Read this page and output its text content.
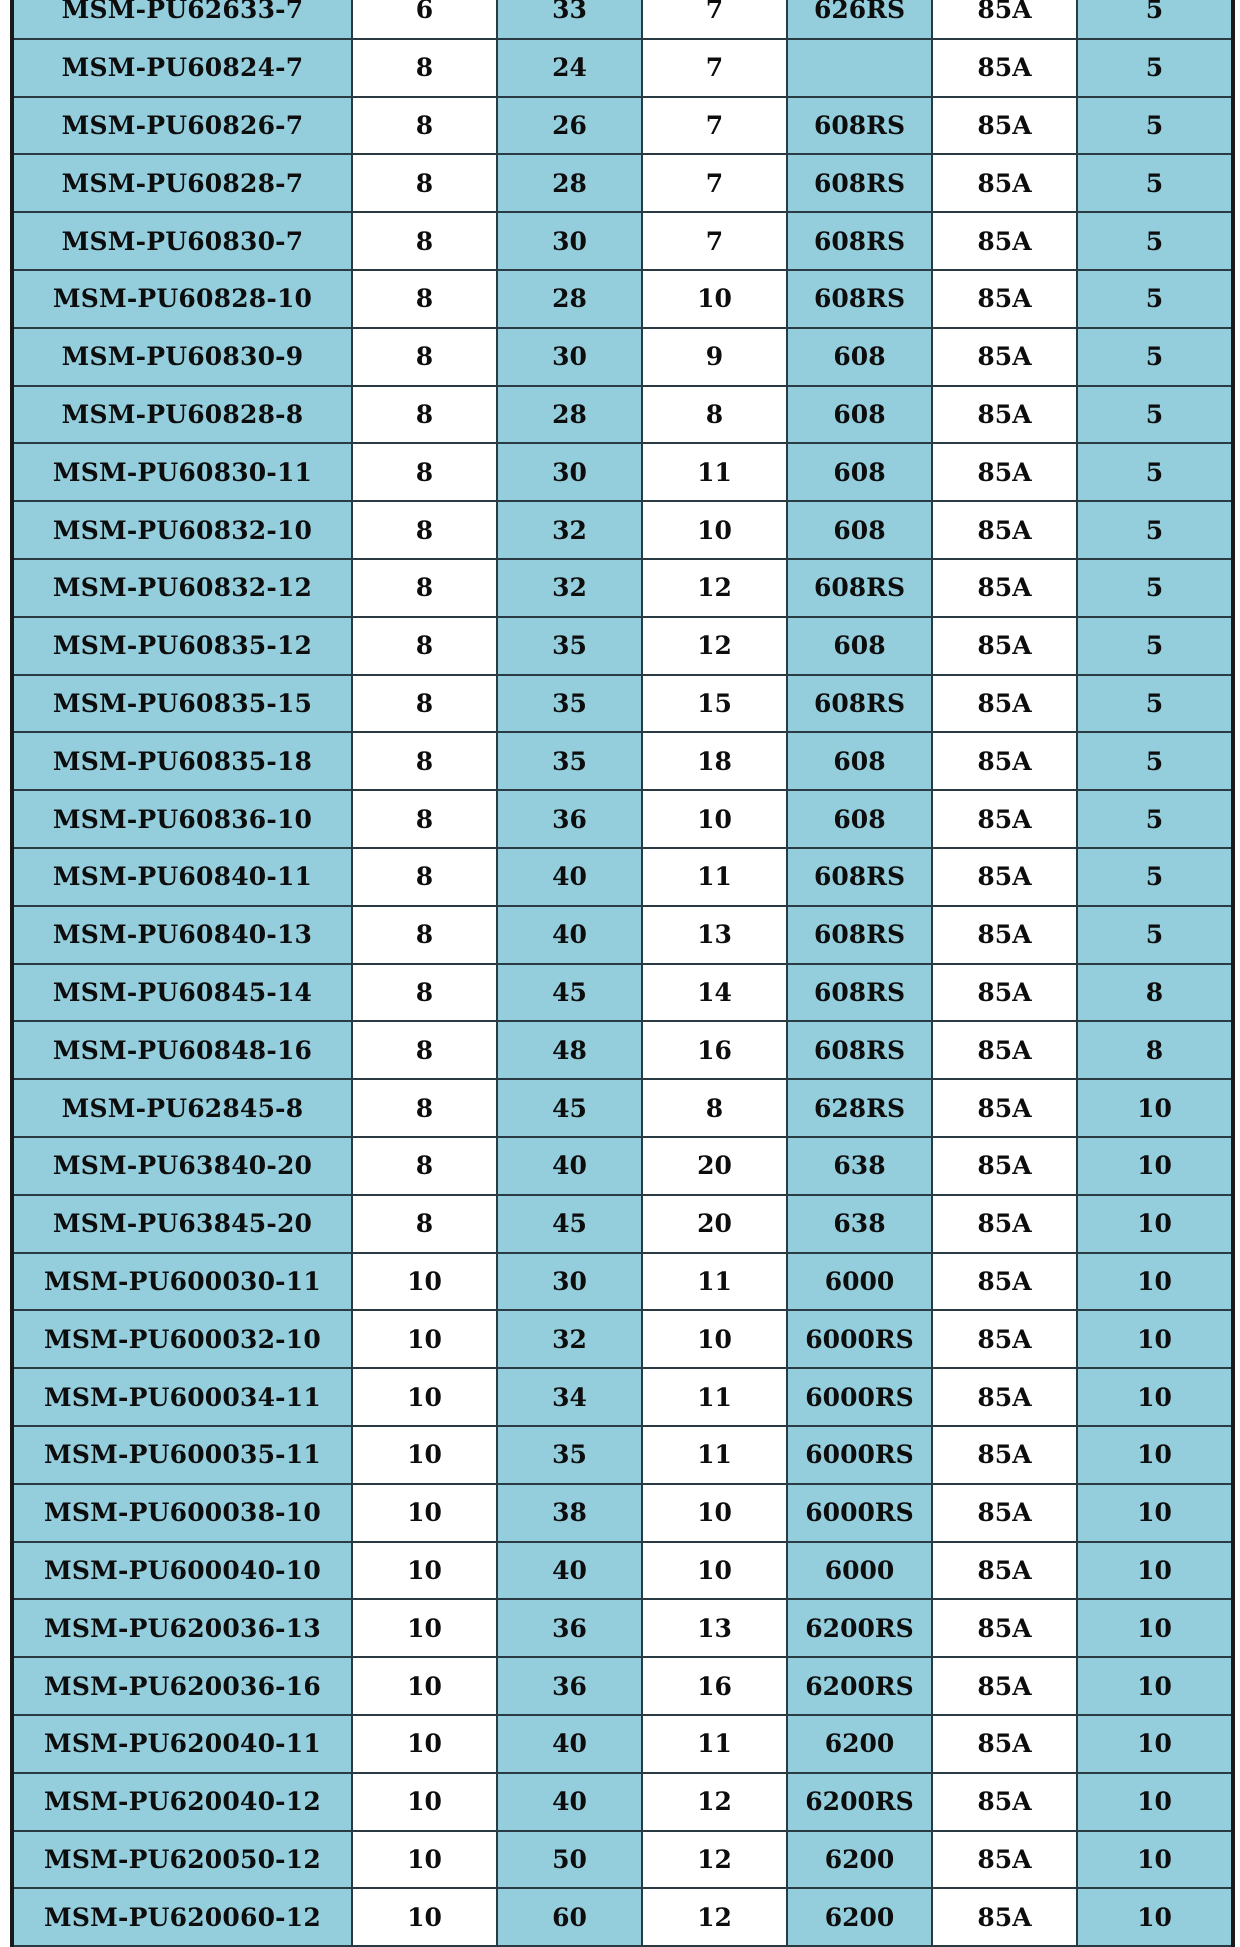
MSM-PU62633-7	6	33	7	626RS	85A	5
MSM-PU60824-7	8	24	7		85A	5
MSM-PU60826-7	8	26	7	608RS	85A	5
MSM-PU60828-7	8	28	7	608RS	85A	5
MSM-PU60830-7	8	30	7	608RS	85A	5
MSM-PU60828-10	8	28	10	608RS	85A	5
MSM-PU60830-9	8	30	9	608	85A	5
MSM-PU60828-8	8	28	8	608	85A	5
MSM-PU60830-11	8	30	11	608	85A	5
MSM-PU60832-10	8	32	10	608	85A	5
MSM-PU60832-12	8	32	12	608RS	85A	5
MSM-PU60835-12	8	35	12	608	85A	5
MSM-PU60835-15	8	35	15	608RS	85A	5
MSM-PU60835-18	8	35	18	608	85A	5
MSM-PU60836-10	8	36	10	608	85A	5
MSM-PU60840-11	8	40	11	608RS	85A	5
MSM-PU60840-13	8	40	13	608RS	85A	5
MSM-PU60845-14	8	45	14	608RS	85A	8
MSM-PU60848-16	8	48	16	608RS	85A	8
MSM-PU62845-8	8	45	8	628RS	85A	10
MSM-PU63840-20	8	40	20	638	85A	10
MSM-PU63845-20	8	45	20	638	85A	10
MSM-PU600030-11	10	30	11	6000	85A	10
MSM-PU600032-10	10	32	10	6000RS	85A	10
MSM-PU600034-11	10	34	11	6000RS	85A	10
MSM-PU600035-11	10	35	11	6000RS	85A	10
MSM-PU600038-10	10	38	10	6000RS	85A	10
MSM-PU600040-10	10	40	10	6000	85A	10
MSM-PU620036-13	10	36	13	6200RS	85A	10
MSM-PU620036-16	10	36	16	6200RS	85A	10
MSM-PU620040-11	10	40	11	6200	85A	10
MSM-PU620040-12	10	40	12	6200RS	85A	10
MSM-PU620050-12	10	50	12	6200	85A	10
MSM-PU620060-12	10	60	12	6200	85A	10
